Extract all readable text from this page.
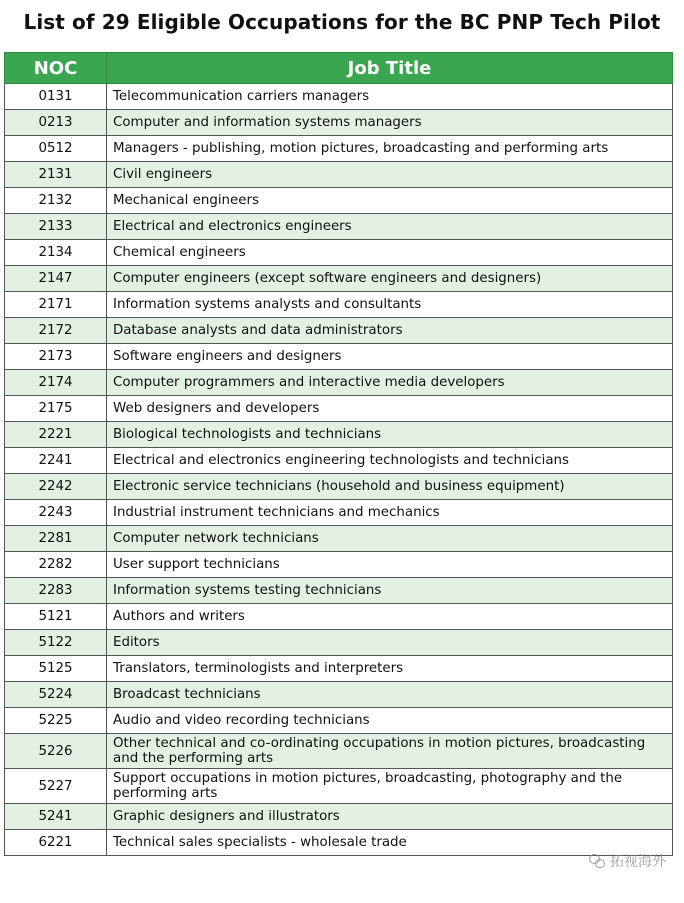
List of 29 Eligible Occupations for the BC PNP Tech Pilot
NOC	Job Title
0131	Telecommunication carriers managers
0213	Computer and information systems managers
0512	Managers - publishing, motion pictures, broadcasting and performing arts
2131	Civil engineers
2132	Mechanical engineers
2133	Electrical and electronics engineers
2134	Chemical engineers
2147	Computer engineers (except software engineers and designers)
2171	Information systems analysts and consultants
2172	Database analysts and data administrators
2173	Software engineers and designers
2174	Computer programmers and interactive media developers
2175	Web designers and developers
2221	Biological technologists and technicians
2241	Electrical and electronics engineering technologists and technicians
2242	Electronic service technicians (household and business equipment)
2243	Industrial instrument technicians and mechanics
2281	Computer network technicians
2282	User support technicians
2283	Information systems testing technicians
5121	Authors and writers
5122	Editors
5125	Translators, terminologists and interpreters
5224	Broadcast technicians
5225	Audio and video recording technicians
5226	Other technical and co-ordinating occupations in motion pictures, broadcasting and the performing arts
5227	Support occupations in motion pictures, broadcasting, photography and the performing arts
5241	Graphic designers and illustrators
6221	Technical sales specialists - wholesale trade
拓视海外
